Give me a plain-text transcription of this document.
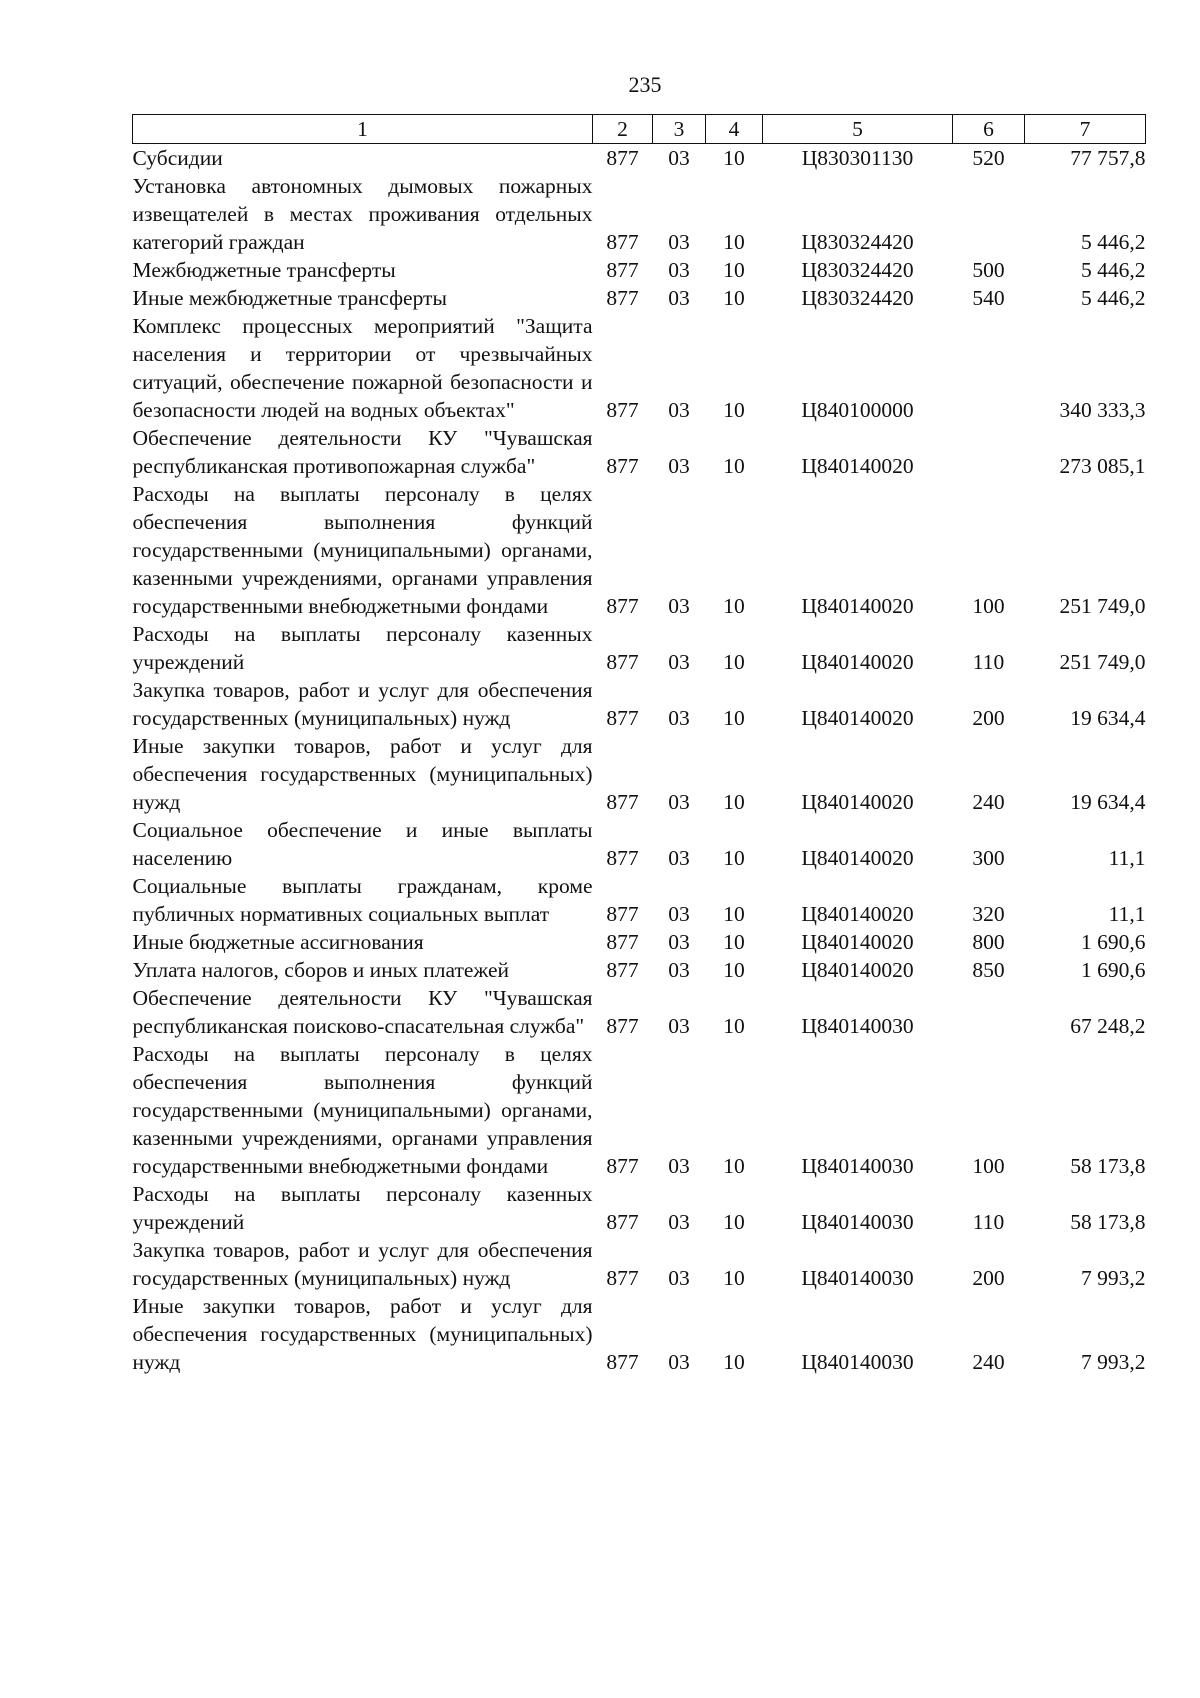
235
1	2	3	4	5	6	7
Субсидии	877	03	10	Ц830301130	520	77 757,8
Установка автономных дымовых пожарных извещателей в местах проживания отдельных категорий граждан	877	03	10	Ц830324420		5 446,2
Межбюджетные трансферты	877	03	10	Ц830324420	500	5 446,2
Иные межбюджетные трансферты	877	03	10	Ц830324420	540	5 446,2
Комплекс процессных мероприятий "Защита населения и территории от чрезвычайных ситуаций, обеспечение пожарной безопасности и безопасности людей на водных объектах"	877	03	10	Ц840100000		340 333,3
Обеспечение деятельности КУ "Чувашская республиканская противопожарная служба"	877	03	10	Ц840140020		273 085,1
Расходы на выплаты персоналу в целях обеспечения выполнения функций государственными (муниципальными) органами, казенными учреждениями, органами управления государственными внебюджетными фондами	877	03	10	Ц840140020	100	251 749,0
Расходы на выплаты персоналу казенных учреждений	877	03	10	Ц840140020	110	251 749,0
Закупка товаров, работ и услуг для обеспечения государственных (муниципальных) нужд	877	03	10	Ц840140020	200	19 634,4
Иные закупки товаров, работ и услуг для обеспечения государственных (муниципальных) нужд	877	03	10	Ц840140020	240	19 634,4
Социальное обеспечение и иные выплаты населению	877	03	10	Ц840140020	300	11,1
Социальные выплаты гражданам, кроме публичных нормативных социальных выплат	877	03	10	Ц840140020	320	11,1
Иные бюджетные ассигнования	877	03	10	Ц840140020	800	1 690,6
Уплата налогов, сборов и иных платежей	877	03	10	Ц840140020	850	1 690,6
Обеспечение деятельности КУ "Чувашская республиканская поисково-спасательная служба"	877	03	10	Ц840140030		67 248,2
Расходы на выплаты персоналу в целях обеспечения выполнения функций государственными (муниципальными) органами, казенными учреждениями, органами управления государственными внебюджетными фондами	877	03	10	Ц840140030	100	58 173,8
Расходы на выплаты персоналу казенных учреждений	877	03	10	Ц840140030	110	58 173,8
Закупка товаров, работ и услуг для обеспечения государственных (муниципальных) нужд	877	03	10	Ц840140030	200	7 993,2
Иные закупки товаров, работ и услуг для обеспечения государственных (муниципальных) нужд	877	03	10	Ц840140030	240	7 993,2
